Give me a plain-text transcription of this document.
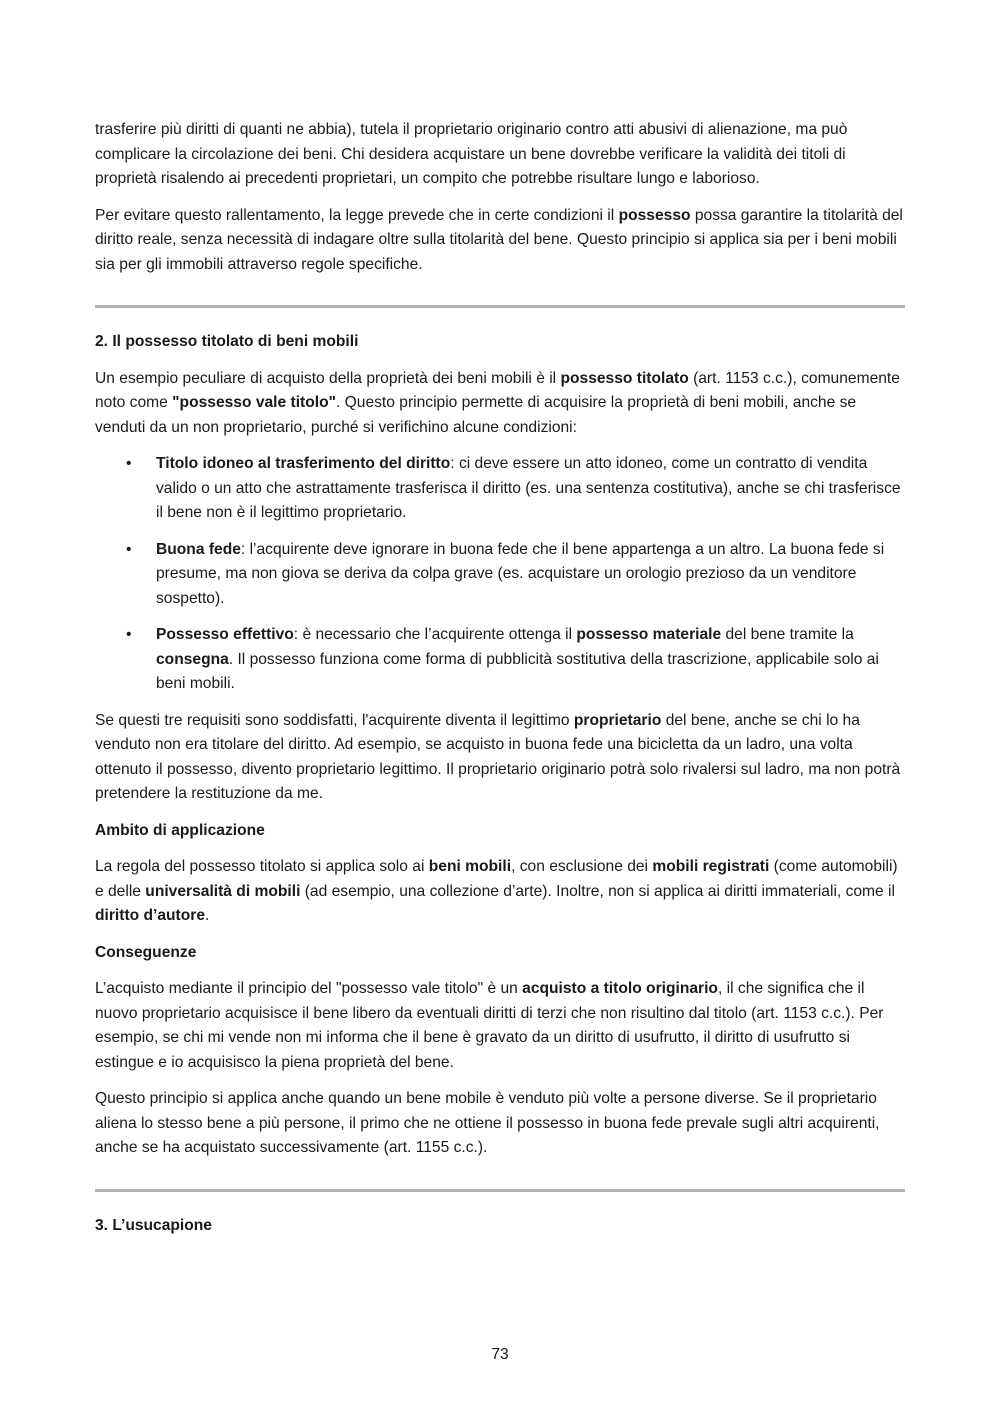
trasferire più diritti di quanti ne abbia), tutela il proprietario originario contro atti abusivi di alienazione, ma può complicare la circolazione dei beni. Chi desidera acquistare un bene dovrebbe verificare la validità dei titoli di proprietà risalendo ai precedenti proprietari, un compito che potrebbe risultare lungo e laborioso.

Per evitare questo rallentamento, la legge prevede che in certe condizioni il possesso possa garantire la titolarità del diritto reale, senza necessità di indagare oltre sulla titolarità del bene. Questo principio si applica sia per i beni mobili sia per gli immobili attraverso regole specifiche.

2. Il possesso titolato di beni mobili

Un esempio peculiare di acquisto della proprietà dei beni mobili è il possesso titolato (art. 1153 c.c.), comunemente noto come "possesso vale titolo". Questo principio permette di acquisire la proprietà di beni mobili, anche se venduti da un non proprietario, purché si verifichino alcune condizioni:

• Titolo idoneo al trasferimento del diritto: ci deve essere un atto idoneo, come un contratto di vendita valido o un atto che astrattamente trasferisca il diritto (es. una sentenza costitutiva), anche se chi trasferisce il bene non è il legittimo proprietario.
• Buona fede: l’acquirente deve ignorare in buona fede che il bene appartenga a un altro. La buona fede si presume, ma non giova se deriva da colpa grave (es. acquistare un orologio prezioso da un venditore sospetto).
• Possesso effettivo: è necessario che l’acquirente ottenga il possesso materiale del bene tramite la consegna. Il possesso funziona come forma di pubblicità sostitutiva della trascrizione, applicabile solo ai beni mobili.

Se questi tre requisiti sono soddisfatti, l'acquirente diventa il legittimo proprietario del bene, anche se chi lo ha venduto non era titolare del diritto. Ad esempio, se acquisto in buona fede una bicicletta da un ladro, una volta ottenuto il possesso, divento proprietario legittimo. Il proprietario originario potrà solo rivalersi sul ladro, ma non potrà pretendere la restituzione da me.

Ambito di applicazione

La regola del possesso titolato si applica solo ai beni mobili, con esclusione dei mobili registrati (come automobili) e delle universalità di mobili (ad esempio, una collezione d’arte). Inoltre, non si applica ai diritti immateriali, come il diritto d’autore.

Conseguenze

L’acquisto mediante il principio del "possesso vale titolo" è un acquisto a titolo originario, il che significa che il nuovo proprietario acquisisce il bene libero da eventuali diritti di terzi che non risultino dal titolo (art. 1153 c.c.). Per esempio, se chi mi vende non mi informa che il bene è gravato da un diritto di usufrutto, il diritto di usufrutto si estingue e io acquisisco la piena proprietà del bene.

Questo principio si applica anche quando un bene mobile è venduto più volte a persone diverse. Se il proprietario aliena lo stesso bene a più persone, il primo che ne ottiene il possesso in buona fede prevale sugli altri acquirenti, anche se ha acquistato successivamente (art. 1155 c.c.).

3. L’usucapione
73
